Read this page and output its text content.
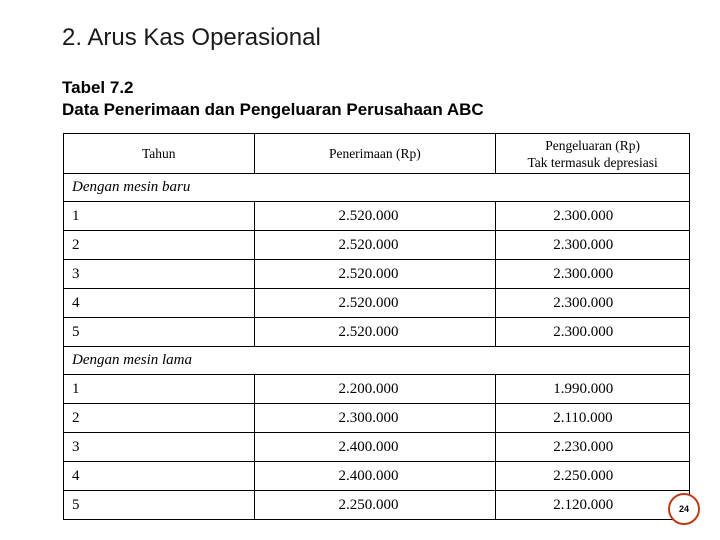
2. Arus Kas Operasional
Tabel 7.2
Data Penerimaan dan Pengeluaran Perusahaan ABC
Tahun	Penerimaan (Rp)	Pengeluaran (Rp)
Tak termasuk depresiasi
Dengan mesin baru		
1	2.520.000	2.300.000
2	2.520.000	2.300.000
3	2.520.000	2.300.000
4	2.520.000	2.300.000
5	2.520.000	2.300.000
Dengan mesin lama		
1	2.200.000	1.990.000
2	2.300.000	2.110.000
3	2.400.000	2.230.000
4	2.400.000	2.250.000
5	2.250.000	2.120.000	24
